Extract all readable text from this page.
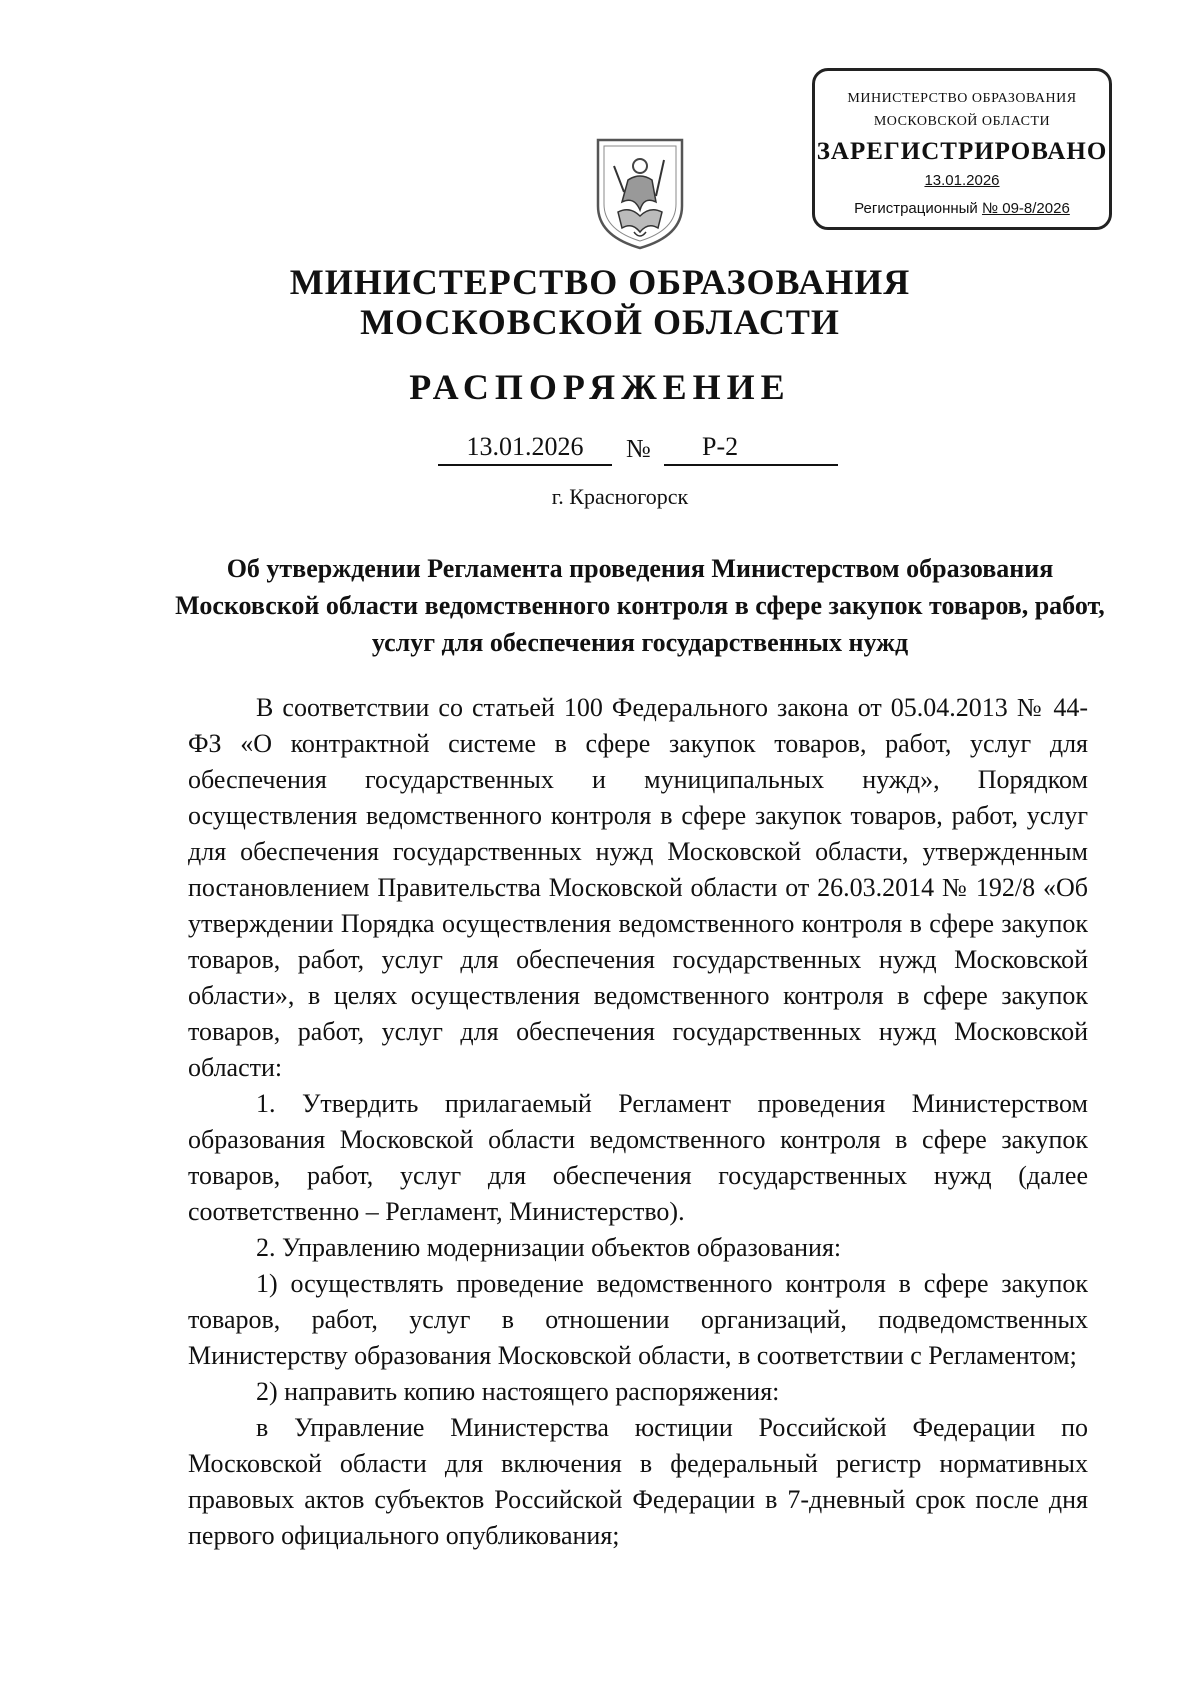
МИНИСТЕРСТВО ОБРАЗОВАНИЯ
МОСКОВСКОЙ ОБЛАСТИ
ЗАРЕГИСТРИРОВАНО
13.01.2026
Регистрационный № 09-8/2026
МИНИСТЕРСТВО ОБРАЗОВАНИЯ
МОСКОВСКОЙ ОБЛАСТИ
РАСПОРЯЖЕНИЕ
13.01.2026	№	Р-2
г. Красногорск
Об утверждении Регламента проведения Министерством образования Московской области ведомственного контроля в сфере закупок товаров, работ, услуг для обеспечения государственных нужд

В соответствии со статьей 100 Федерального закона от 05.04.2013 № 44-ФЗ «О контрактной системе в сфере закупок товаров, работ, услуг для обеспечения государственных и муниципальных нужд», Порядком осуществления ведомственного контроля в сфере закупок товаров, работ, услуг для обеспечения государственных нужд Московской области, утвержденным постановлением Правительства Московской области от 26.03.2014 № 192/8 «Об утверждении Порядка осуществления ведомственного контроля в сфере закупок товаров, работ, услуг для обеспечения государственных нужд Московской области», в целях осуществления ведомственного контроля в сфере закупок товаров, работ, услуг для обеспечения государственных нужд Московской области:

1. Утвердить прилагаемый Регламент проведения Министерством образования Московской области ведомственного контроля в сфере закупок товаров, работ, услуг для обеспечения государственных нужд (далее соответственно – Регламент, Министерство).

2. Управлению модернизации объектов образования:

1) осуществлять проведение ведомственного контроля в сфере закупок товаров, работ, услуг в отношении организаций, подведомственных Министерству образования Московской области, в соответствии с Регламентом;

2) направить копию настоящего распоряжения:

в Управление Министерства юстиции Российской Федерации по Московской области для включения в федеральный регистр нормативных правовых актов субъектов Российской Федерации в 7-дневный срок после дня первого официального опубликования;
